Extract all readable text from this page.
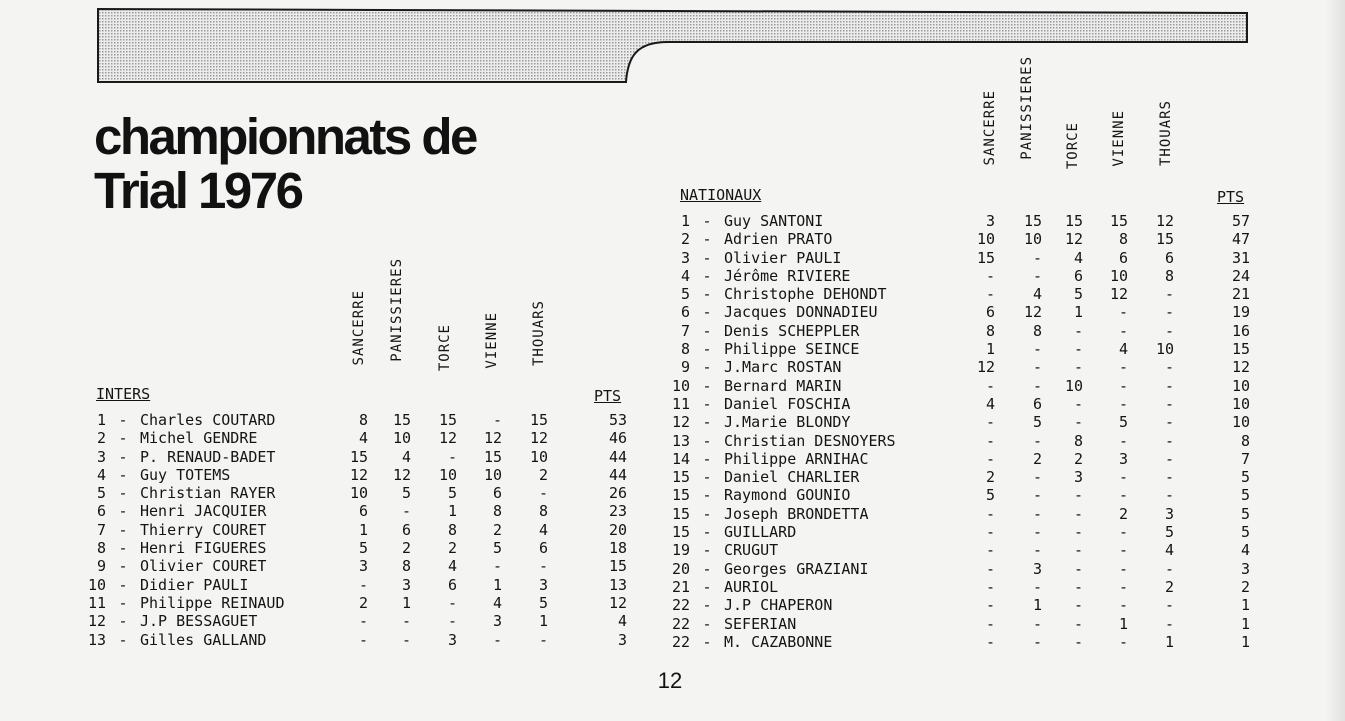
championnats de
Trial 1976
SANCERRE PANISSIERES TORCE VIENNE THOUARS
INTERS	PTS
1 - Charles COUTARD	8	15	15	-	15	53
2 - Michel GENDRE	4	10	12	12	12	46
3 - P. RENAUD-BADET	15	4	-	15	10	44
4 - Guy TOTEMS	12	12	10	10	2	44
5 - Christian RAYER	10	5	5	6	-	26
6 - Henri JACQUIER	6	-	1	8	8	23
7 - Thierry COURET	1	6	8	2	4	20
8 - Henri FIGUERES	5	2	2	5	6	18
9 - Olivier COURET	3	8	4	-	-	15
10 - Didier PAULI	-	3	6	1	3	13
11 - Philippe REINAUD	2	1	-	4	5	12
12 - J.P BESSAGUET	-	-	-	3	1	4
13 - Gilles GALLAND	-	-	3	-	-	3
SANCERRE PANISSIERES TORCE VIENNE THOUARS
NATIONAUX	PTS
1 - Guy SANTONI	3	15	15	15	12	57
2 - Adrien PRATO	10	10	12	8	15	47
3 - Olivier PAULI	15	-	4	6	6	31
4 - Jérôme RIVIERE	-	-	6	10	8	24
5 - Christophe DEHONDT	-	4	5	12	-	21
6 - Jacques DONNADIEU	6	12	1	-	-	19
7 - Denis SCHEPPLER	8	8	-	-	-	16
8 - Philippe SEINCE	1	-	-	4	10	15
9 - J.Marc ROSTAN	12	-	-	-	-	12
10 - Bernard MARIN	-	-	10	-	-	10
11 - Daniel FOSCHIA	4	6	-	-	-	10
12 - J.Marie BLONDY	-	5	-	5	-	10
13 - Christian DESNOYERS	-	-	8	-	-	8
14 - Philippe ARNIHAC	-	2	2	3	-	7
15 - Daniel CHARLIER	2	-	3	-	-	5
15 - Raymond GOUNIO	5	-	-	-	-	5
15 - Joseph BRONDETTA	-	-	-	2	3	5
15 - GUILLARD	-	-	-	-	5	5
19 - CRUGUT	-	-	-	-	4	4
20 - Georges GRAZIANI	-	3	-	-	-	3
21 - AURIOL	-	-	-	-	2	2
22 - J.P CHAPERON	-	1	-	-	-	1
22 - SEFERIAN	-	-	-	1	-	1
22 - M. CAZABONNE	-	-	-	-	1	1
12
